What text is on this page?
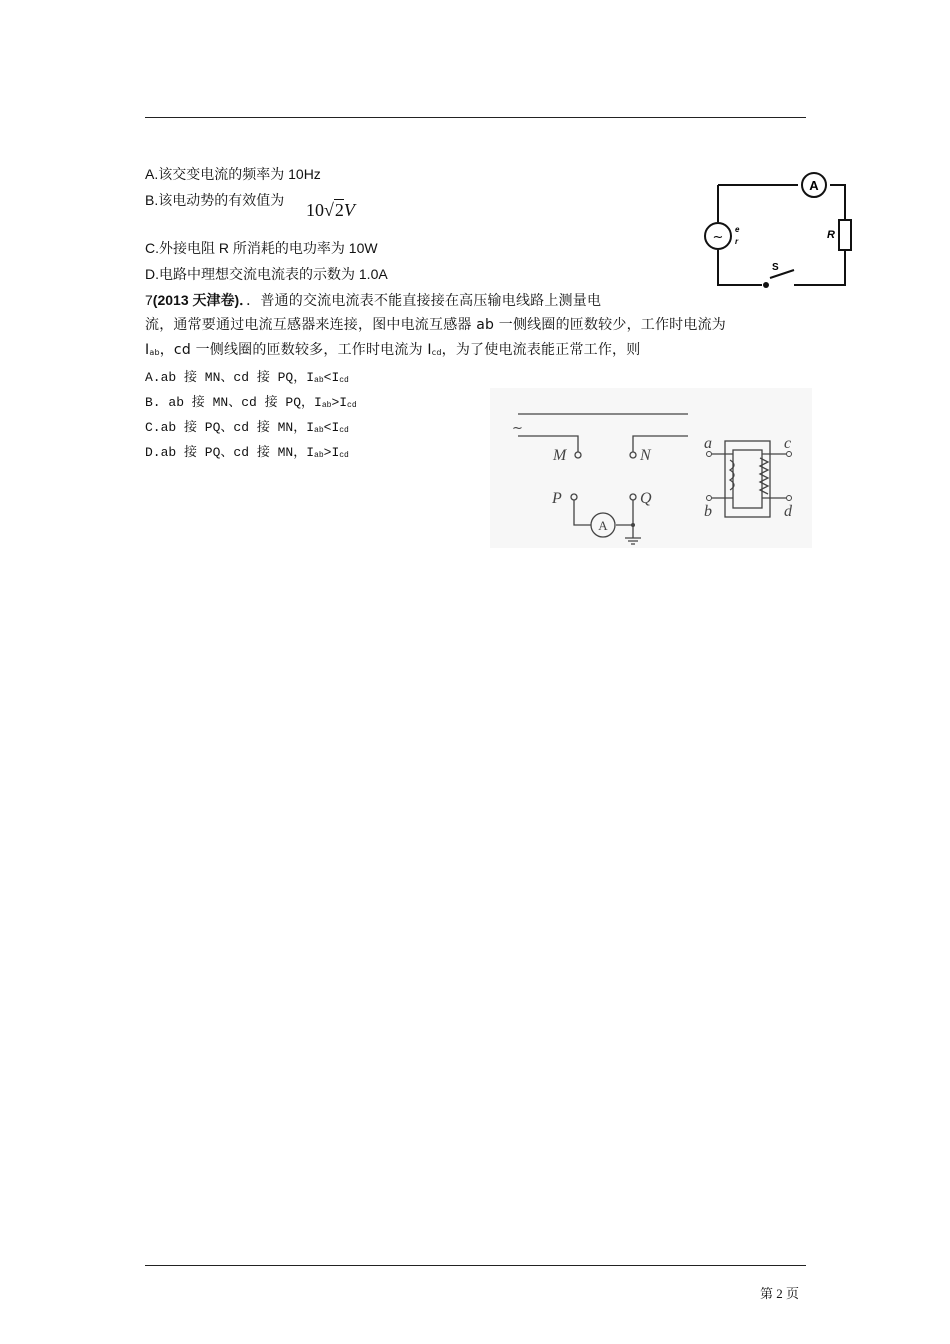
A.该交变电流的频率为 10Hz
B.该电动势的有效值为 10√2V
C.外接电阻 R 所消耗的电功率为 10W
D.电路中理想交流电流表的示数为 1.0A
A
R
S
~
e
r
7(2013 天津卷)．．普通的交流电流表不能直接接在高压输电线路上测量电
流，通常要通过电流互感器来连接，图中电流互感器 ab 一侧线圈的匝数较少，工作时电流为
$I_{ab}$，cd 一侧线圈的匝数较多，工作时电流为 $I_{cd}$，为了使电流表能正常工作，则
A.ab 接 MN、cd 接 PQ，$I_{ab}<I_{cd}$
B. ab 接 MN、cd 接 PQ，$I_{ab}>I_{cd}$
C.ab 接 PQ、cd 接 MN，$I_{ab}<I_{cd}$
D.ab 接 PQ、cd 接 MN，$I_{ab}>I_{cd}$
~
M	N
P	Q
a
b
c
d
A
第 2 页
